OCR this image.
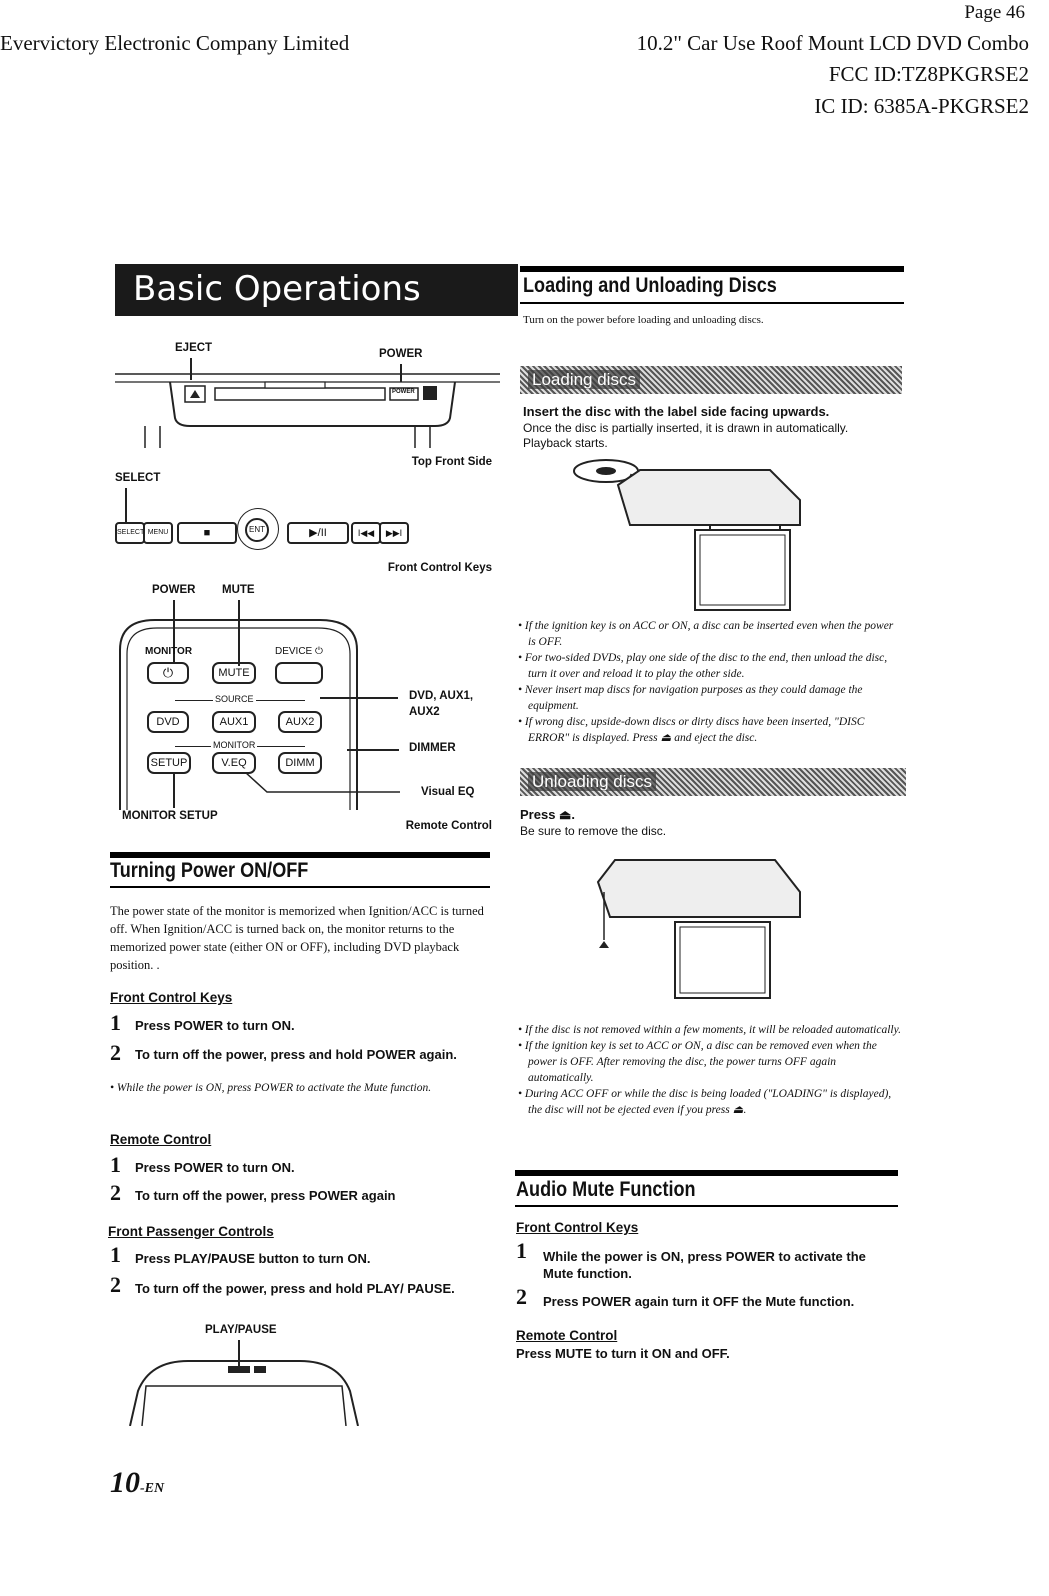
Page 46
Evervictory Electronic Company Limited	10.2" Car Use Roof Mount LCD DVD Combo
FCC ID:TZ8PKGRSE2
IC ID: 6385A-PKGRSE2
Basic Operations
EJECT	POWER
POWER
Top Front Side
SELECT
SELECT MENU	■	ENT	▶/II	I◀◀	▶▶I
Front Control Keys
POWER MUTE
MONITOR	DEVICE ⏻
⏻	MUTE
SOURCE
DVD	AUX1	AUX2
MONITOR
SETUP	V.EQ	DIMM
DVD, AUX1,
AUX2
DIMMER
Visual EQ
MONITOR SETUP
Remote Control
Turning Power ON/OFF
The power state of the monitor is memorized when Ignition/ACC is turned off. When Ignition/ACC is turned back on, the monitor returns to the memorized power state (either ON or OFF), including DVD playback position. .
Front Control Keys
1 Press POWER to turn ON.
2 To turn off the power, press and hold POWER again.
• While the power is ON, press POWER to activate the Mute function.
Remote Control
1 Press POWER to turn ON.
2 To turn off the power, press POWER again
Front Passenger Controls
1 Press PLAY/PAUSE button to turn ON.
2 To turn off the power, press and hold PLAY/ PAUSE.
PLAY/PAUSE
10-EN
Loading and Unloading Discs
Turn on the power before loading and unloading discs.
Loading discs
Insert the disc with the label side facing upwards.
Once the disc is partially inserted, it is drawn in automatically. Playback starts.
• If the ignition key is on ACC or ON, a disc can be inserted even when the power is OFF.
• For two-sided DVDs, play one side of the disc to the end, then unload the disc, turn it over and reload it to play the other side.
• Never insert map discs for navigation purposes as they could damage the equipment.
• If wrong disc, upside-down discs or dirty discs have been inserted, "DISC ERROR" is displayed. Press ⏏ and eject the disc.
Unloading discs
Press ⏏.
Be sure to remove the disc.
• If the disc is not removed within a few moments, it will be reloaded automatically.
• If the ignition key is set to ACC or ON, a disc can be removed even when the power is OFF. After removing the disc, the power turns OFF again automatically.
• During ACC OFF or while the disc is being loaded ("LOADING" is displayed), the disc will not be ejected even if you press ⏏.
Audio Mute Function
Front Control Keys
1 While the power is ON, press POWER to activate the Mute function.
2 Press POWER again turn it OFF the Mute function.
Remote Control
Press MUTE to turn it ON and OFF.
